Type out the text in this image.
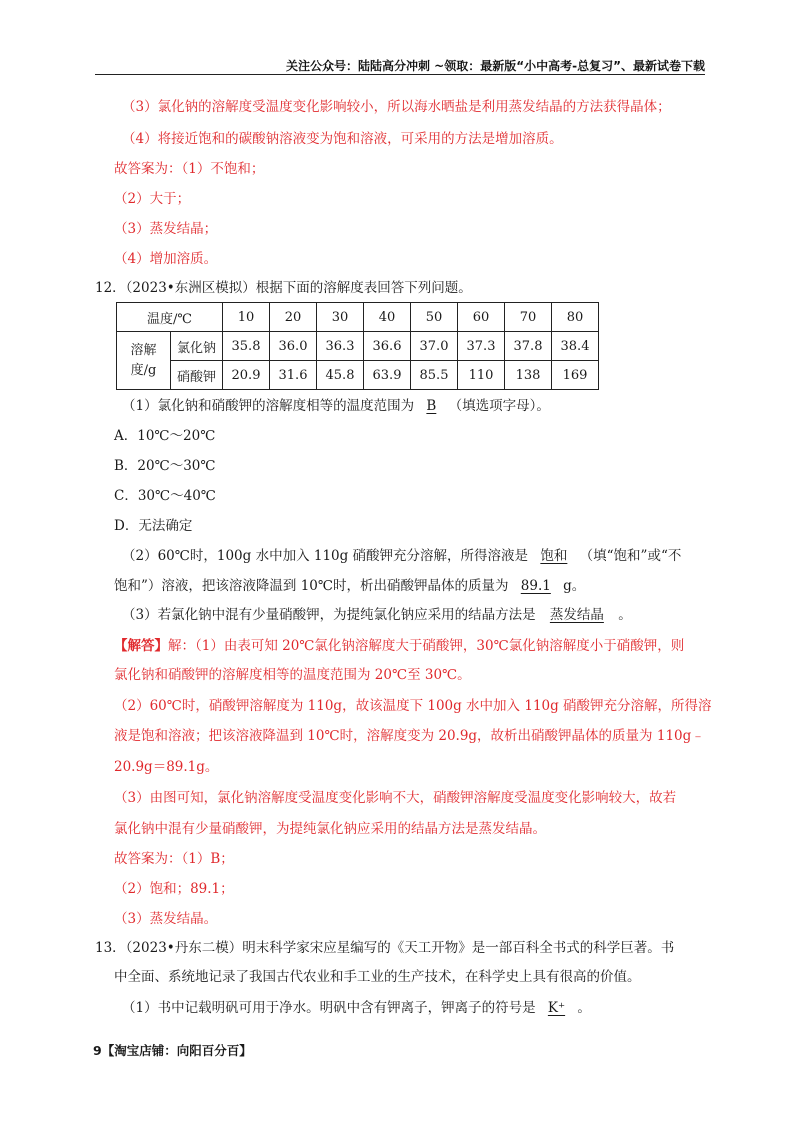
关注公众号：陆陆高分冲刺 ~领取：最新版“小中高考-总复习”、最新试卷下载
（3）氯化钠的溶解度受温度变化影响较小，所以海水晒盐是利用蒸发结晶的方法获得晶体；
（4）将接近饱和的碳酸钠溶液变为饱和溶液，可采用的方法是增加溶质。
故答案为：（1）不饱和；
（2）大于；
（3）蒸发结晶；
（4）增加溶质。
12．（2023•东洲区模拟）根据下面的溶解度表回答下列问题。
温度/℃		10	20	30	40	50	60	70	80
溶解
度/g	氯化钠	35.8	36.0	36.3	36.6	37.0	37.3	37.8	38.4
	硝酸钾	20.9	31.6	45.8	63.9	85.5	110	138	169
（1）氯化钠和硝酸钾的溶解度相等的温度范围为 B （填选项字母）。
A．10℃～20℃
B．20℃～30℃
C．30℃～40℃
D．无法确定
（2）60℃时，100g 水中加入 110g 硝酸钾充分溶解，所得溶液是 饱和 （填“饱和”或“不
饱和”）溶液，把该溶液降温到 10℃时，析出硝酸钾晶体的质量为 89.1 g。
（3）若氯化钠中混有少量硝酸钾，为提纯氯化钠应采用的结晶方法是 蒸发结晶 。
【解答】解：（1）由表可知 20℃氯化钠溶解度大于硝酸钾，30℃氯化钠溶解度小于硝酸钾，则
氯化钠和硝酸钾的溶解度相等的温度范围为 20℃至 30℃。
（2）60℃时，硝酸钾溶解度为 110g，故该温度下 100g 水中加入 110g 硝酸钾充分溶解，所得溶
液是饱和溶液；把该溶液降温到 10℃时，溶解度变为 20.9g，故析出硝酸钾晶体的质量为 110g﹣
20.9g＝89.1g。
（3）由图可知，氯化钠溶解度受温度变化影响不大，硝酸钾溶解度受温度变化影响较大，故若
氯化钠中混有少量硝酸钾，为提纯氯化钠应采用的结晶方法是蒸发结晶。
故答案为：（1）B；
（2）饱和；89.1；
（3）蒸发结晶。
13．（2023•丹东二模）明末科学家宋应星编写的《天工开物》是一部百科全书式的科学巨著。书
中全面、系统地记录了我国古代农业和手工业的生产技术，在科学史上具有很高的价值。
（1）书中记载明矾可用于净水。明矾中含有钾离子，钾离子的符号是 K⁺ 。
9【淘宝店铺：向阳百分百】
